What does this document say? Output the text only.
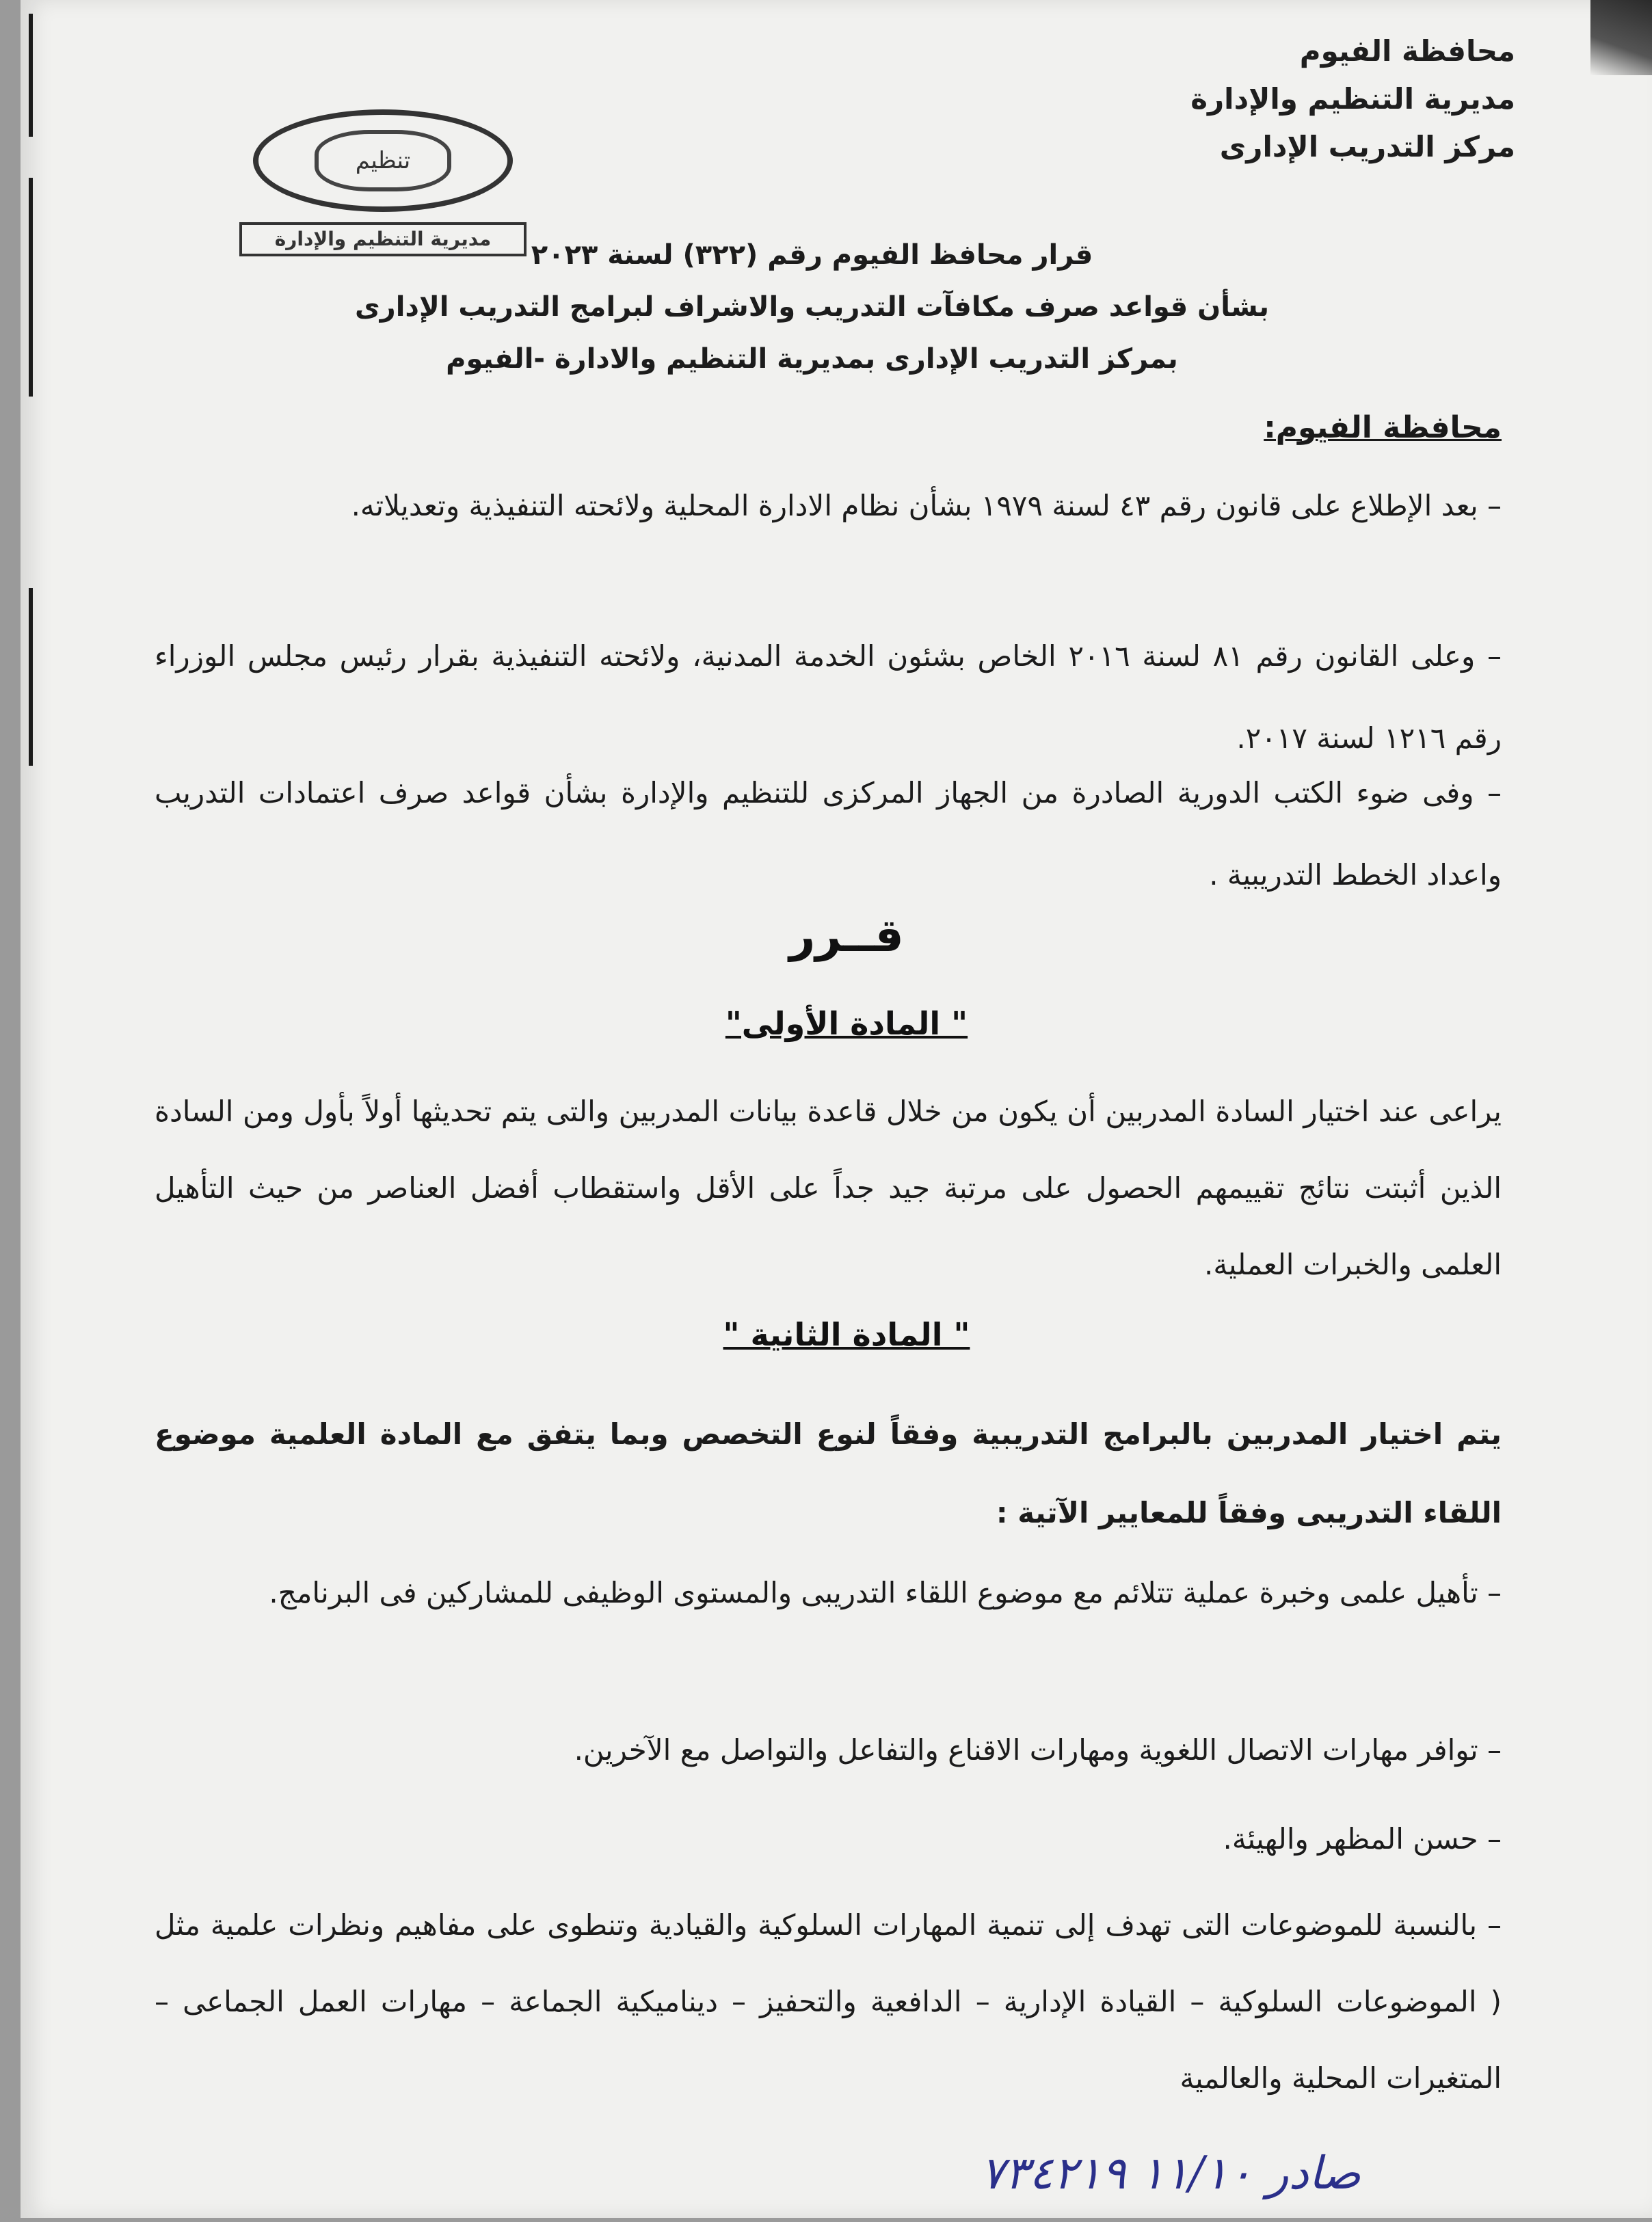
محافظة الفيوم
مديرية التنظيم والإدارة
مركز التدريب الإدارى
تنظيم
مديرية التنظيم والإدارة
قرار محافظ الفيوم رقم (٣٢٢) لسنة ٢٠٢٣
بشأن قواعد صرف مكافآت التدريب والاشراف لبرامج التدريب الإدارى
بمركز التدريب الإدارى بمديرية التنظيم والادارة -الفيوم
محافظة الفيوم:
– بعد الإطلاع على قانون رقم ٤٣ لسنة ١٩٧٩ بشأن نظام الادارة المحلية ولائحته التنفيذية وتعديلاته.
– وعلى القانون رقم ٨١ لسنة ٢٠١٦ الخاص بشئون الخدمة المدنية، ولائحته التنفيذية بقرار رئيس مجلس الوزراء رقم ١٢١٦ لسنة ٢٠١٧.
– وفى ضوء الكتب الدورية الصادرة من الجهاز المركزى للتنظيم والإدارة بشأن قواعد صرف اعتمادات التدريب واعداد الخطط التدريبية .
قــرر
" المادة الأولى"
يراعى عند اختيار السادة المدربين أن يكون من خلال قاعدة بيانات المدربين والتى يتم تحديثها أولاً بأول ومن السادة الذين أثبتت نتائج تقييمهم الحصول على مرتبة جيد جداً على الأقل واستقطاب أفضل العناصر من حيث التأهيل العلمى والخبرات العملية.
" المادة الثانية "
يتم اختيار المدربين بالبرامج التدريبية وفقاً لنوع التخصص وبما يتفق مع المادة العلمية موضوع اللقاء التدريبى وفقاً للمعايير الآتية :
– تأهيل علمى وخبرة عملية تتلائم مع موضوع اللقاء التدريبى والمستوى الوظيفى للمشاركين فى البرنامج.
– توافر مهارات الاتصال اللغوية ومهارات الاقناع والتفاعل والتواصل مع الآخرين.
– حسن المظهر والهيئة.
– بالنسبة للموضوعات التى تهدف إلى تنمية المهارات السلوكية والقيادية وتنطوى على مفاهيم ونظرات علمية مثل ( الموضوعات السلوكية – القيادة الإدارية – الدافعية والتحفيز – ديناميكية الجماعة – مهارات العمل الجماعى – المتغيرات المحلية والعالمية
صادر ١١/١٠ ٧٣٤٢١٩
